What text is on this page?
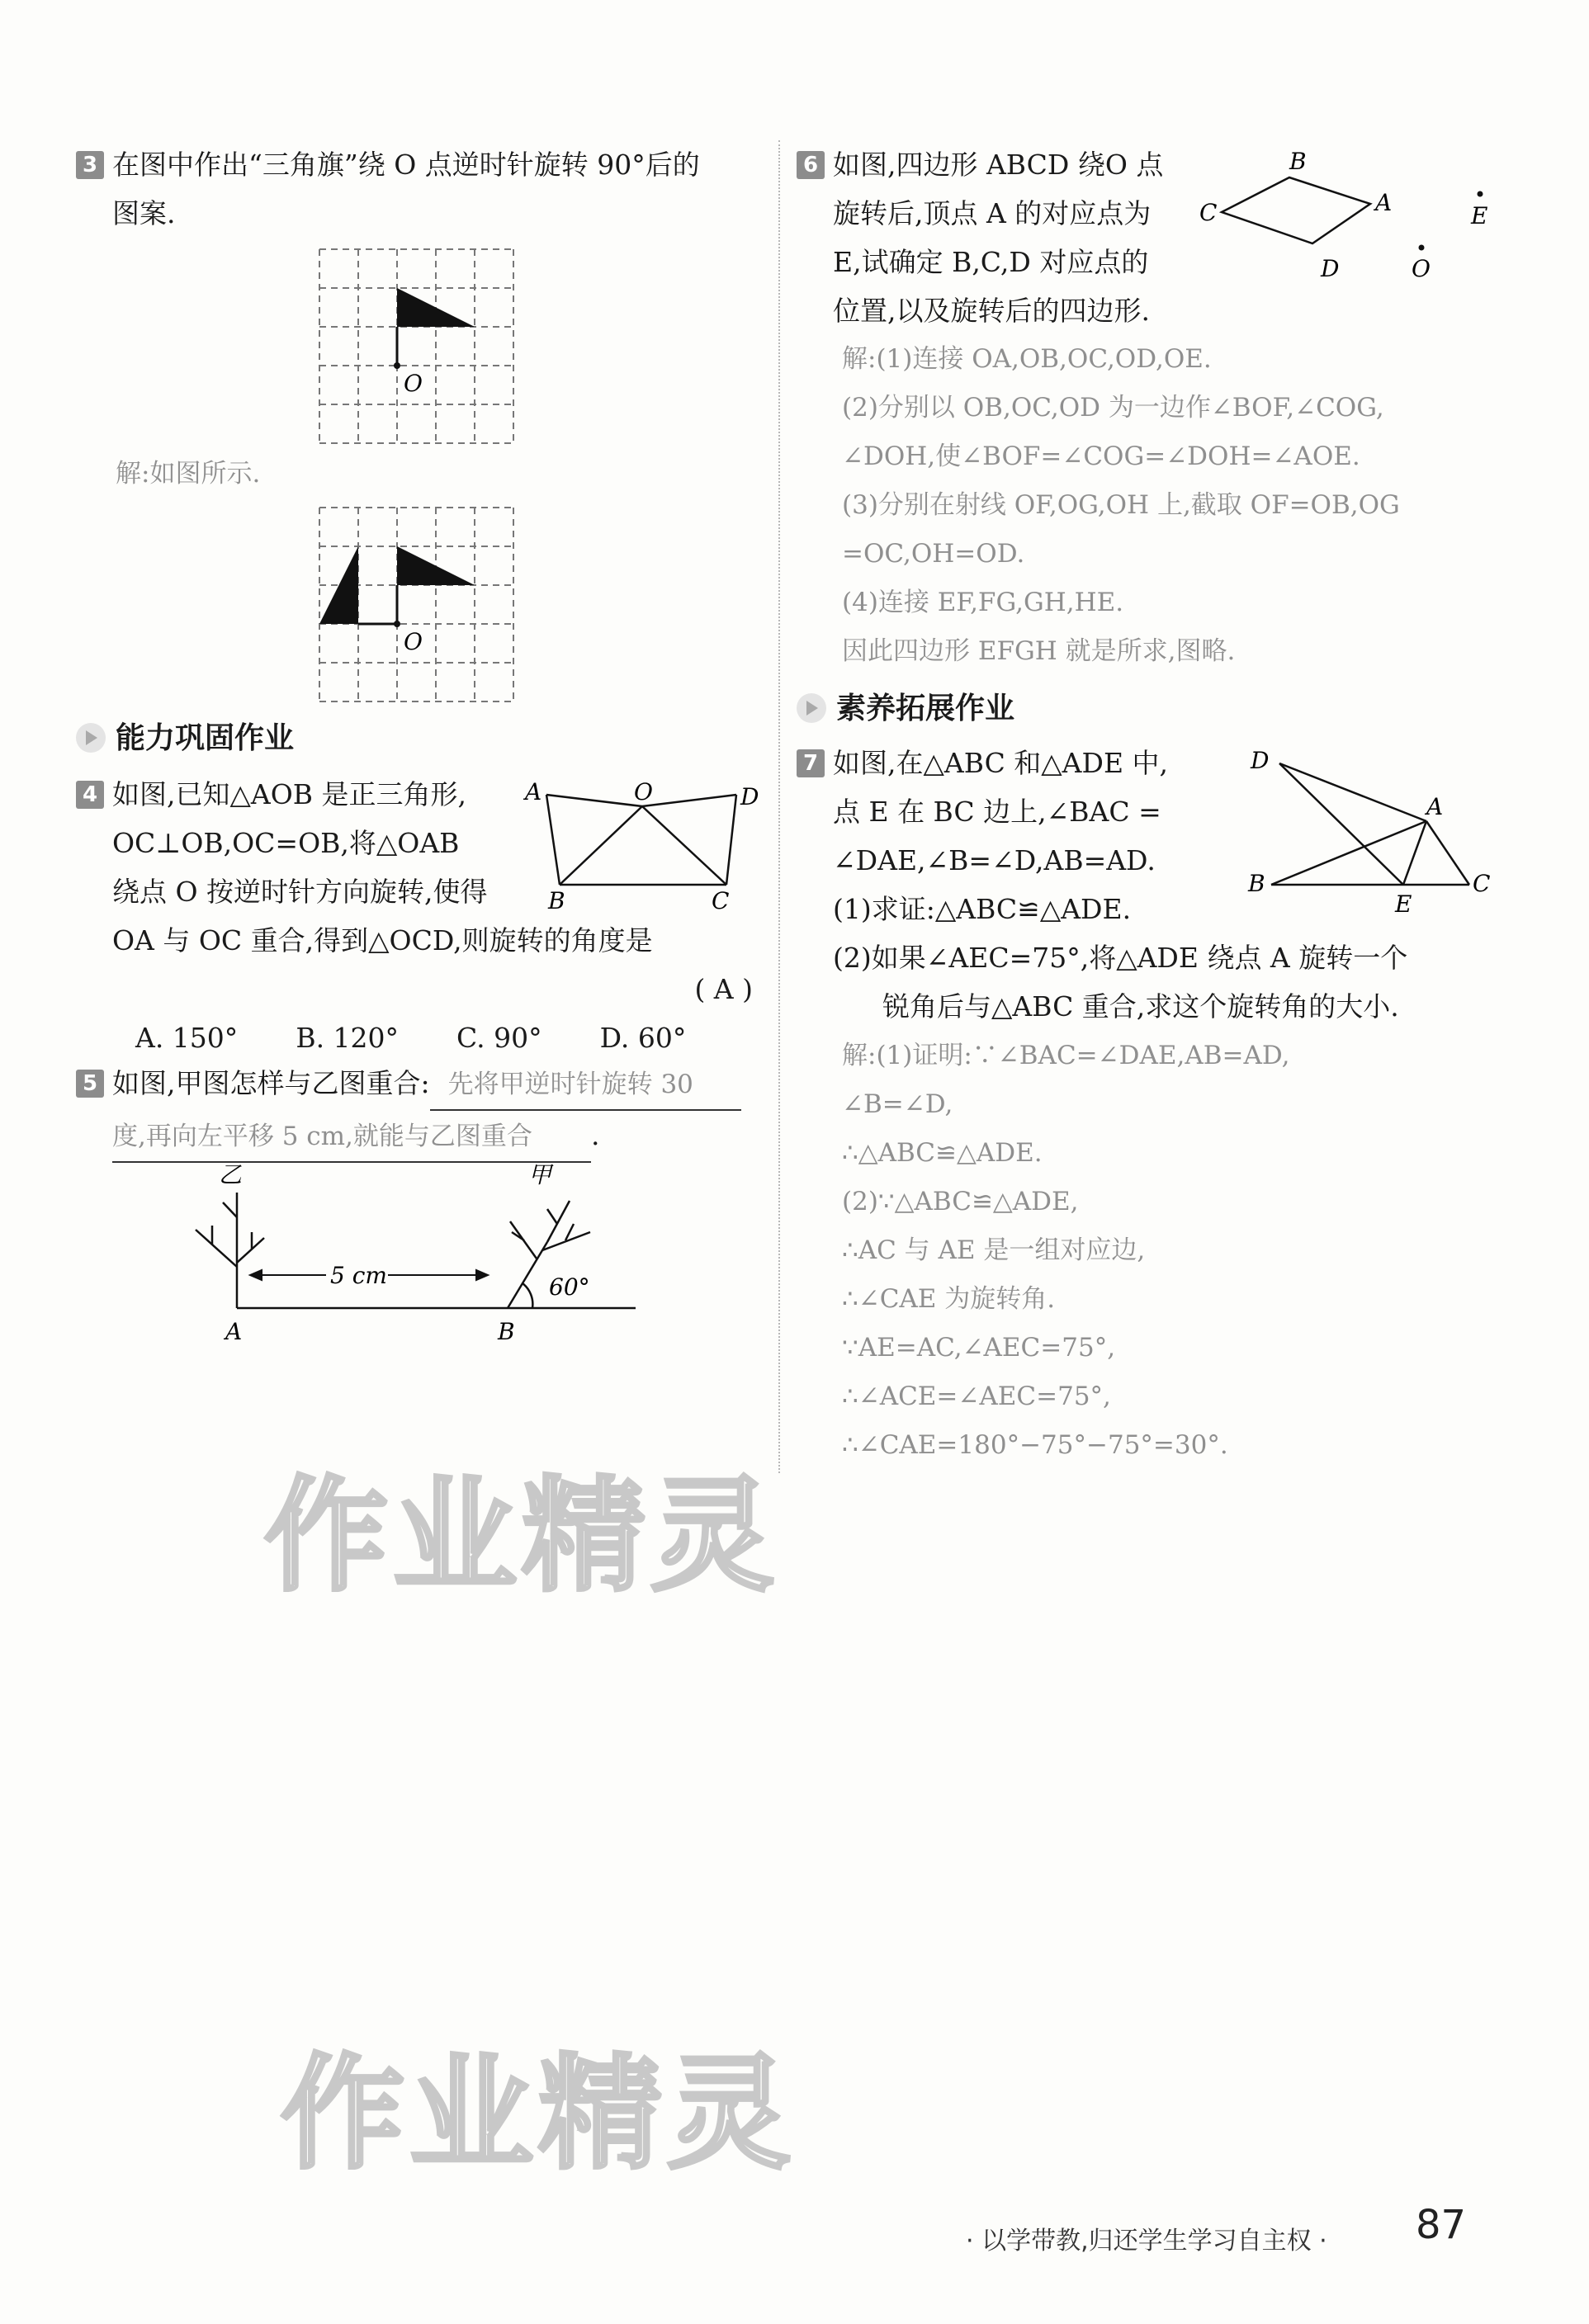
3 在图中作出“三角旗”绕 O 点逆时针旋转 90°后的
图案.
O
解:如图所示.
O
能力巩固作业
4 如图,已知△AOB 是正三角形,
OC⊥OB,OC=OB,将△OAB
绕点 O 按逆时针方向旋转,使得
OA 与 OC 重合,得到△OCD,则旋转的角度是
( A )
A. 150° B. 120° C. 90° D. 60°
A	O	D
B	C
5 如图,甲图怎样与乙图重合: 先将甲逆时针旋转 30
度,再向左平移 5 cm,就能与乙图重合 .
乙	甲
5 cm	60°
A	B
作业精灵
6 如图,四边形 ABCD 绕O 点
旋转后,顶点 A 的对应点为
E,试确定 B,C,D 对应点的
位置,以及旋转后的四边形.
B
C	A
D
E
O
解:(1)连接 OA,OB,OC,OD,OE.
(2)分别以 OB,OC,OD 为一边作∠BOF,∠COG,
∠DOH,使∠BOF=∠COG=∠DOH=∠AOE.
(3)分别在射线 OF,OG,OH 上,截取 OF=OB,OG
=OC,OH=OD.
(4)连接 EF,FG,GH,HE.
因此四边形 EFGH 就是所求,图略.
素养拓展作业
7 如图,在△ABC 和△ADE 中,
点 E 在 BC 边上,∠BAC =
∠DAE,∠B=∠D,AB=AD.
(1)求证:△ABC≌△ADE.
(2)如果∠AEC=75°,将△ADE 绕点 A 旋转一个
锐角后与△ABC 重合,求这个旋转角的大小.
D
A
B
E
C
解:(1)证明:∵∠BAC=∠DAE,AB=AD,
∠B=∠D,
∴△ABC≌△ADE.
(2)∵△ABC≌△ADE,
∴AC 与 AE 是一组对应边,
∴∠CAE 为旋转角.
∵AE=AC,∠AEC=75°,
∴∠ACE=∠AEC=75°,
∴∠CAE=180°−75°−75°=30°.
作业精灵
· 以学带教,归还学生学习自主权 · 87
